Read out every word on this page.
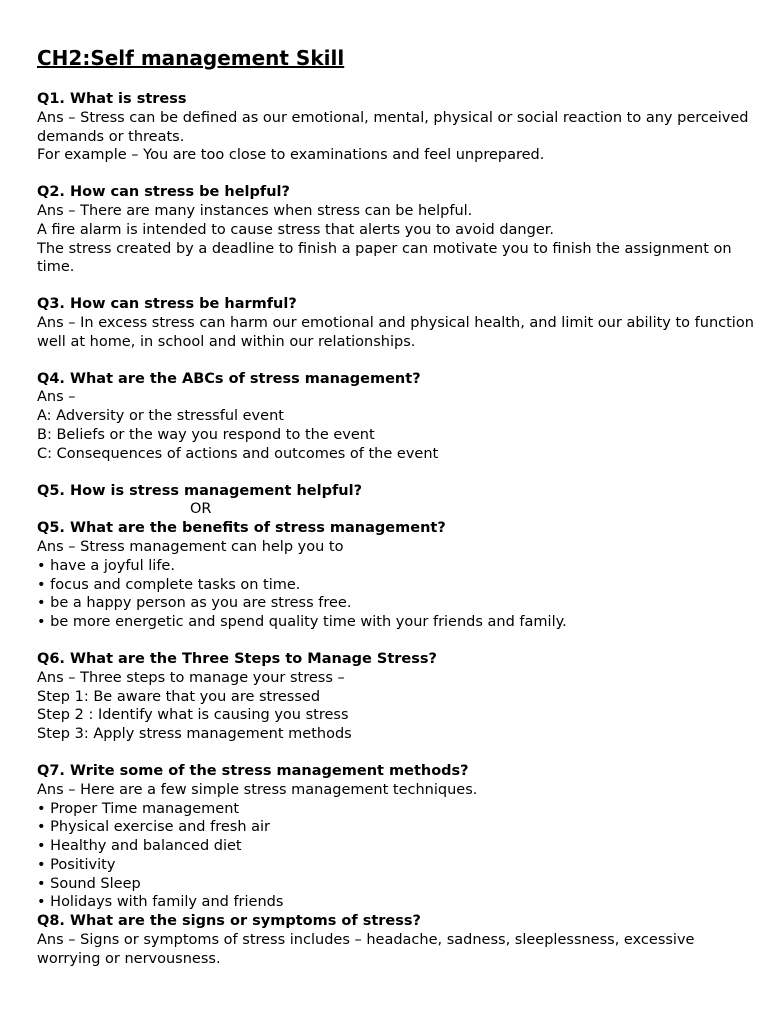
CH2:Self management Skill
Q1. What is stress
Ans – Stress can be defined as our emotional, mental, physical or social reaction to any perceived
demands or threats.
For example – You are too close to examinations and feel unprepared.
Q2. How can stress be helpful?
Ans – There are many instances when stress can be helpful.
A fire alarm is intended to cause stress that alerts you to avoid danger.
The stress created by a deadline to finish a paper can motivate you to finish the assignment on
time.
Q3. How can stress be harmful?
Ans – In excess stress can harm our emotional and physical health, and limit our ability to function
well at home, in school and within our relationships.
Q4. What are the ABCs of stress management?
Ans –
A: Adversity or the stressful event
B: Beliefs or the way you respond to the event
C: Consequences of actions and outcomes of the event
Q5. How is stress management helpful?
OR
Q5. What are the benefits of stress management?
Ans – Stress management can help you to
• have a joyful life.
• focus and complete tasks on time.
• be a happy person as you are stress free.
• be more energetic and spend quality time with your friends and family.
Q6. What are the Three Steps to Manage Stress?
Ans – Three steps to manage your stress –
Step 1: Be aware that you are stressed
Step 2 : Identify what is causing you stress
Step 3: Apply stress management methods
Q7. Write some of the stress management methods?
Ans – Here are a few simple stress management techniques.
• Proper Time management
• Physical exercise and fresh air
• Healthy and balanced diet
• Positivity
• Sound Sleep
• Holidays with family and friends
Q8. What are the signs or symptoms of stress?
Ans – Signs or symptoms of stress includes – headache, sadness, sleeplessness, excessive
worrying or nervousness.
